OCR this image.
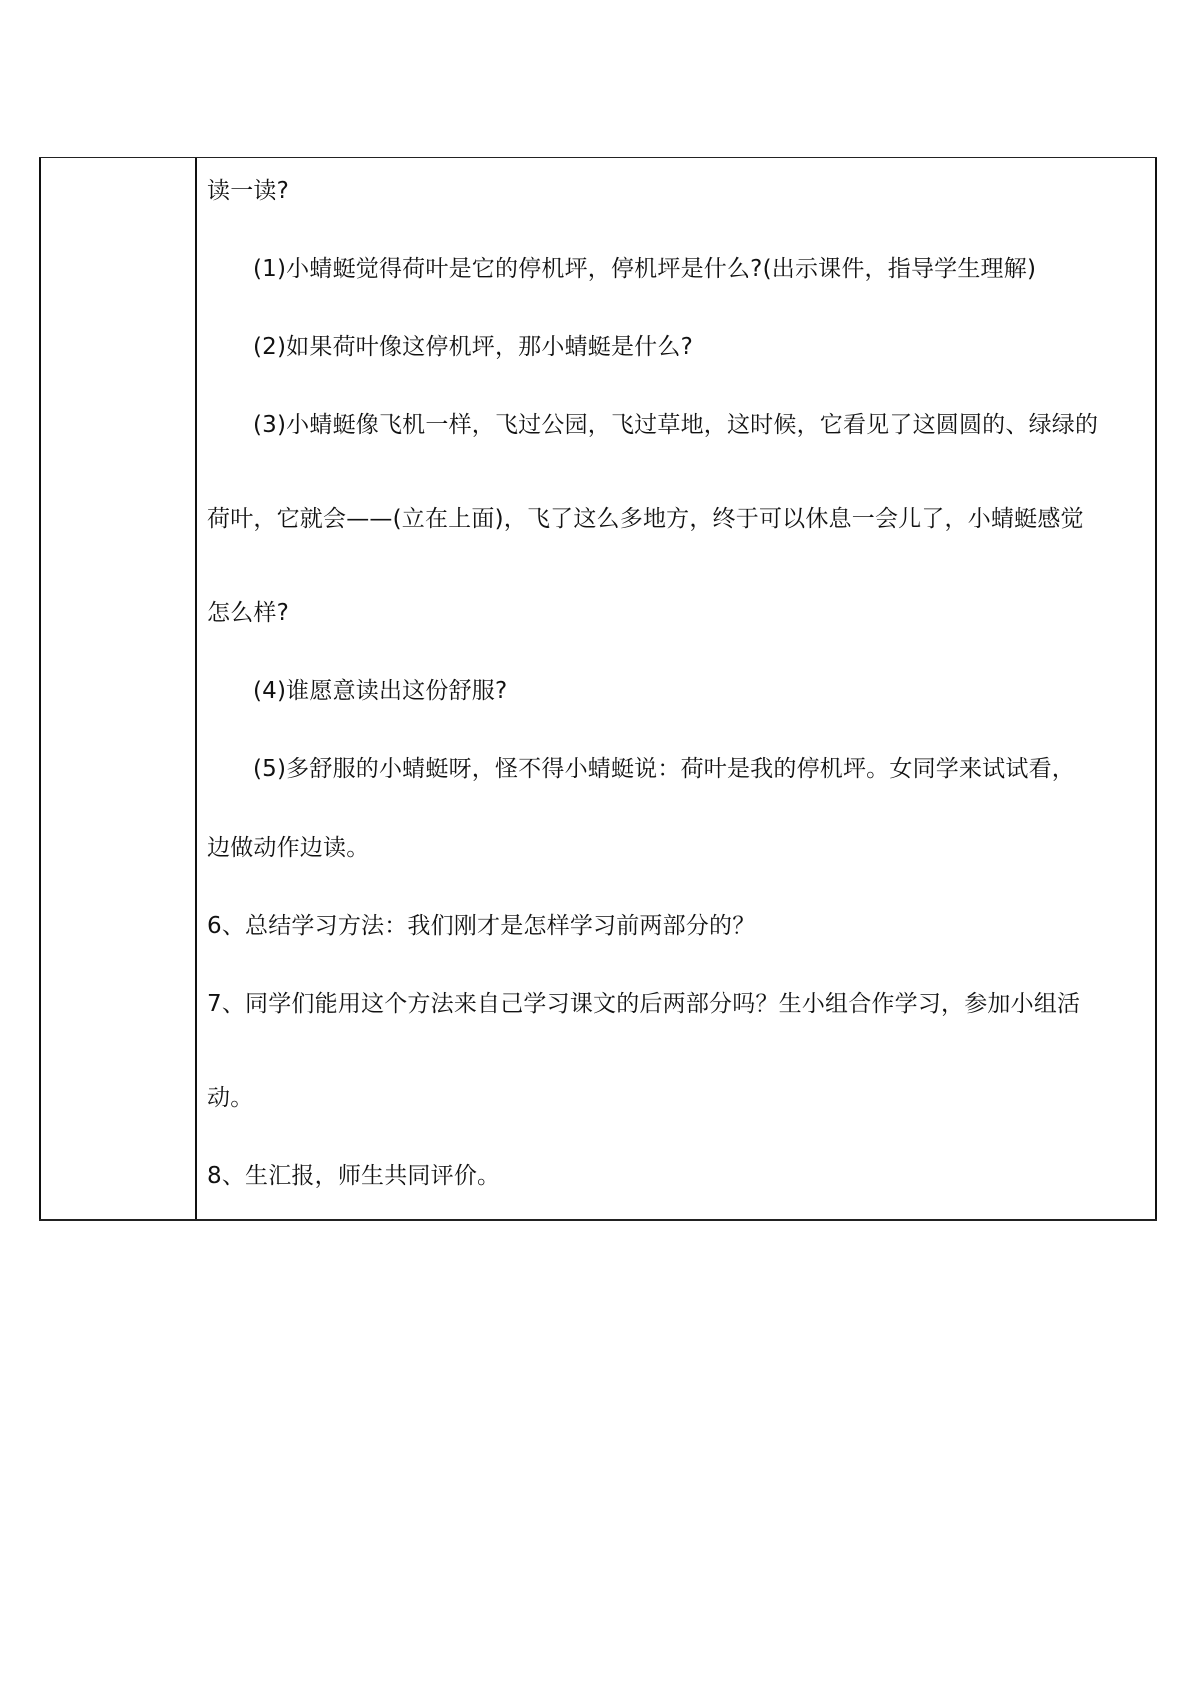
读一读?
(1)小蜻蜓觉得荷叶是它的停机坪，停机坪是什么?(出示课件，指导学生理解)
(2)如果荷叶像这停机坪，那小蜻蜓是什么?
(3)小蜻蜓像飞机一样，飞过公园，飞过草地，这时候，它看见了这圆圆的、绿绿的
荷叶，它就会——(立在上面)，飞了这么多地方，终于可以休息一会儿了，小蜻蜓感觉
怎么样?
(4)谁愿意读出这份舒服?
(5)多舒服的小蜻蜓呀，怪不得小蜻蜓说：荷叶是我的停机坪。女同学来试试看，
边做动作边读。
6、总结学习方法：我们刚才是怎样学习前两部分的？
7、同学们能用这个方法来自己学习课文的后两部分吗？生小组合作学习，参加小组活
动。
8、生汇报，师生共同评价。
